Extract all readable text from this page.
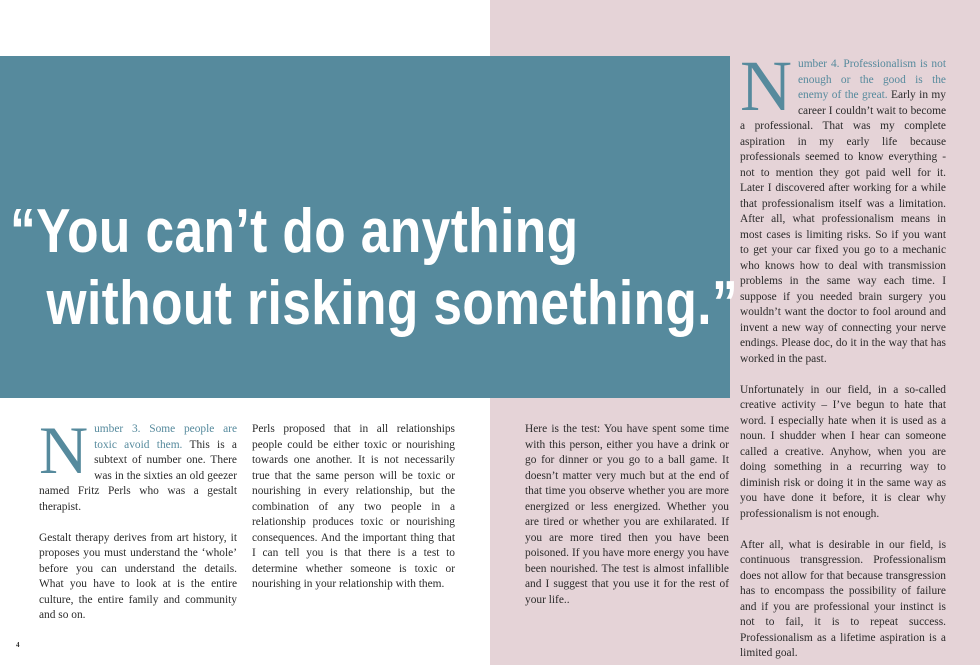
“You can’t do anything
without risking something.”

Number 3. Some people are toxic avoid them. This is a subtext of number one. There was in the sixties an old geezer named Fritz Perls who was a gestalt therapist.

Gestalt therapy derives from art history, it proposes you must understand the ‘whole’ before you can understand the details. What you have to look at is the entire culture, the entire family and community and so on.

Perls proposed that in all relationships people could be either toxic or nourishing towards one another. It is not necessarily true that the same person will be toxic or nourishing in every relationship, but the combination of any two people in a relationship produces toxic or nourishing consequences. And the important thing that I can tell you is that there is a test to determine whether someone is toxic or nourishing in your relationship with them.

Here is the test: You have spent some time with this person, either you have a drink or go for dinner or you go to a ball game. It doesn’t matter very much but at the end of that time you observe whether you are more energized or less energized. Whether you are tired or whether you are exhilarated. If you are more tired then you have been poisoned. If you have more energy you have been nourished. The test is almost infallible and I suggest that you use it for the rest of your life..

Number 4. Professionalism is not enough or the good is the enemy of the great. Early in my career I couldn’t wait to become a professional. That was my complete aspiration in my early life because professionals seemed to know everything - not to mention they got paid well for it. Later I discovered after working for a while that professionalism itself was a limitation. After all, what professionalism means in most cases is limiting risks. So if you want to get your car fixed you go to a mechanic who knows how to deal with transmission problems in the same way each time. I suppose if you needed brain surgery you wouldn’t want the doctor to fool around and invent a new way of connecting your nerve endings. Please doc, do it in the way that has worked in the past.

Unfortunately in our field, in a so-called creative activity – I’ve begun to hate that word. I especially hate when it is used as a noun. I shudder when I hear can someone called a creative. Anyhow, when you are doing something in a recurring way to diminish risk or doing it in the same way as you have done it before, it is clear why professionalism is not enough.

After all, what is desirable in our field, is continuous transgression. Professionalism does not allow for that because transgression has to encompass the possibility of failure and if you are professional your instinct is not to fail, it is to repeat success. Professionalism as a lifetime aspiration is a limited goal.

4
